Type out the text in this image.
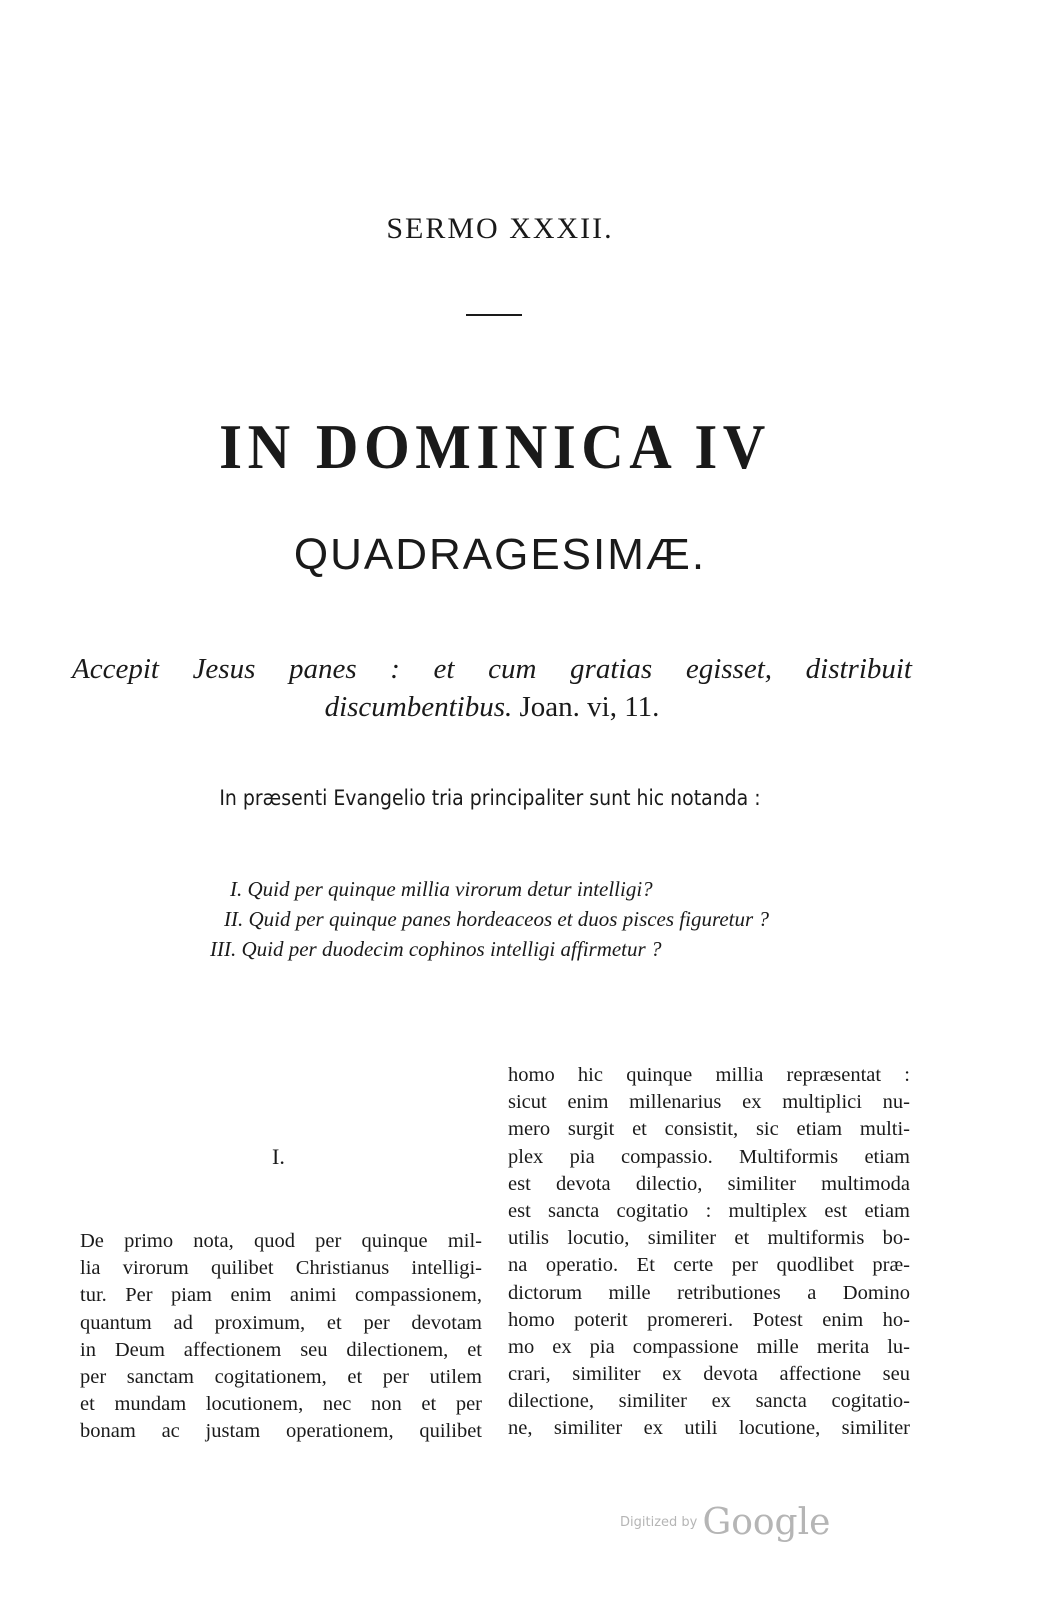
SERMO XXXII.
IN DOMINICA IV
QUADRAGESIMÆ.
Accepit Jesus panes : et cum gratias egisset, distribuit
discumbentibus. Joan. vi, 11.
In præsenti Evangelio tria principaliter sunt hic notanda :
I. Quid per quinque millia virorum detur intelligi?
II. Quid per quinque panes hordeaceos et duos pisces figuretur ?
III. Quid per duodecim cophinos intelligi affirmetur ?
I.
De primo nota, quod per quinque mil-
lia virorum quilibet Christianus intelligi-
tur. Per piam enim animi compassionem,
quantum ad proximum, et per devotam
in Deum affectionem seu dilectionem, et
per sanctam cogitationem, et per utilem
et mundam locutionem, nec non et per
bonam ac justam operationem, quilibet
homo hic quinque millia repræsentat :
sicut enim millenarius ex multiplici nu-
mero surgit et consistit, sic etiam multi-
plex pia compassio. Multiformis etiam
est devota dilectio, similiter multimoda
est sancta cogitatio : multiplex est etiam
utilis locutio, similiter et multiformis bo-
na operatio. Et certe per quodlibet præ-
dictorum mille retributiones a Domino
homo poterit promereri. Potest enim ho-
mo ex pia compassione mille merita lu-
crari, similiter ex devota affectione seu
dilectione, similiter ex sancta cogitatio-
ne, similiter ex utili locutione, similiter
Digitized by Google
